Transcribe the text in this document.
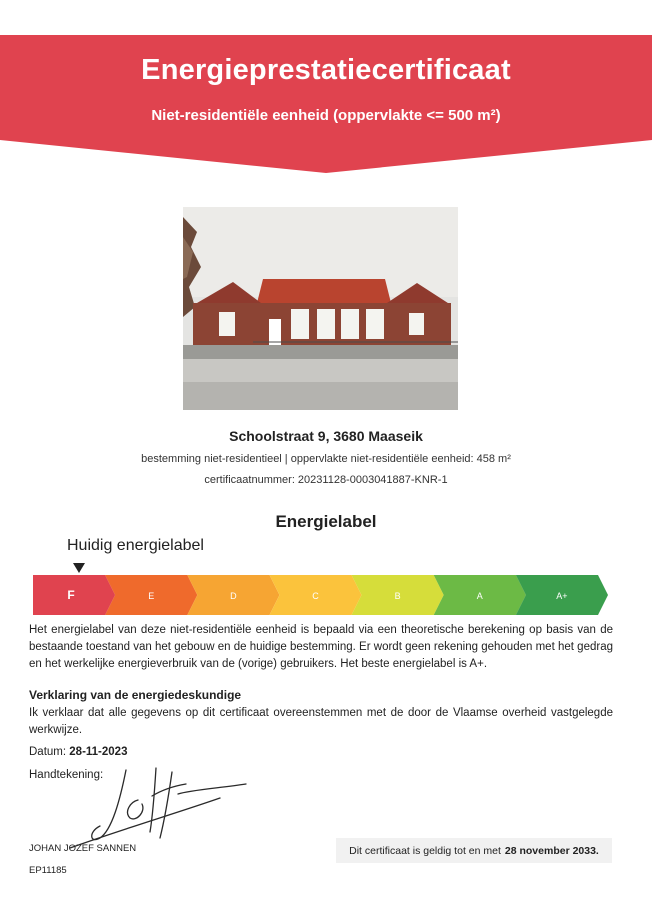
Energieprestatiecertificaat
Niet-residentiële eenheid (oppervlakte <= 500 m²)
Schoolstraat 9, 3680 Maaseik
bestemming niet-residentieel | oppervlakte niet-residentiële eenheid: 458 m²
certificaatnummer: 20231128-0003041887-KNR-1
Energielabel
Huidig energielabel
F	E	D	C	B	A	A+
Het energielabel van deze niet-residentiële eenheid is bepaald via een theoretische berekening op basis van de bestaande toestand van het gebouw en de huidige bestemming. Er wordt geen rekening gehouden met het gedrag en het werkelijke energieverbruik van de (vorige) gebruikers. Het beste energielabel is A+.
Verklaring van de energiedeskundige
Ik verklaar dat alle gegevens op dit certificaat overeenstemmen met de door de Vlaamse overheid vastgelegde werkwijze.
Datum: 28-11-2023
Handtekening:
JOHAN JOZEF SANNEN
EP11185
Dit certificaat is geldig tot en met 28 november 2033.
